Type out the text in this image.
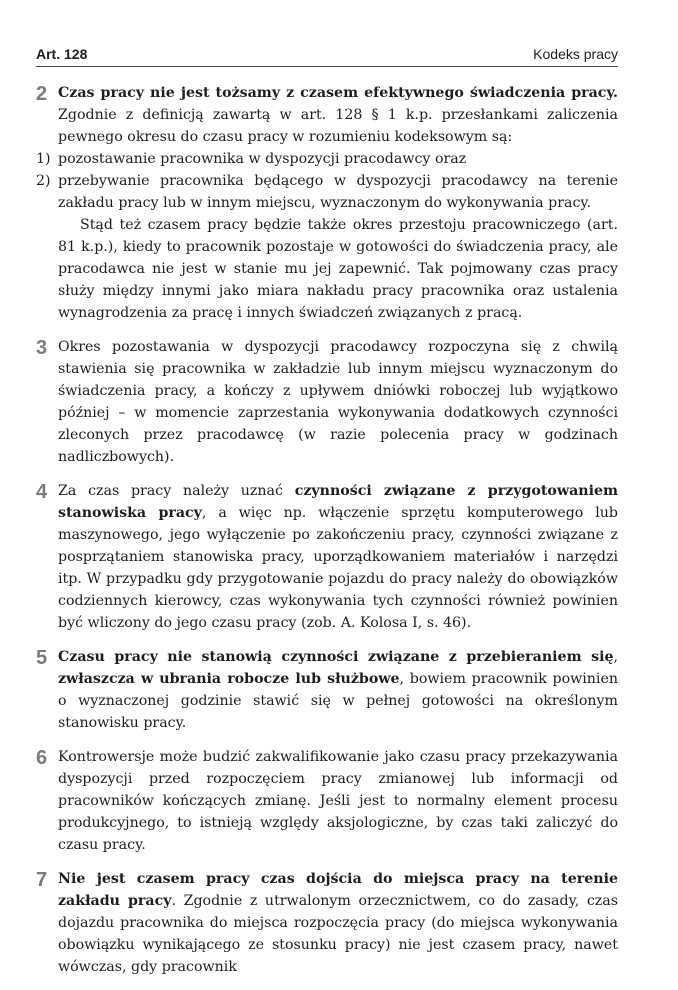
Art. 128	Kodeks pracy
2 Czas pracy nie jest tożsamy z czasem efektywnego świadczenia pracy. Zgodnie z definicją zawartą w art. 128 § 1 k.p. przesłankami zaliczenia pewnego okresu do czasu pracy w rozumieniu kodeksowym są:

1) pozostawanie pracownika w dyspozycji pracodawcy oraz
2) przebywanie pracownika będącego w dyspozycji pracodawcy na terenie zakładu pracy lub w innym miejscu, wyznaczonym do wykonywania pracy.

Stąd też czasem pracy będzie także okres przestoju pracowniczego (art. 81 k.p.), kiedy to pracownik pozostaje w gotowości do świadczenia pracy, ale pracodawca nie jest w stanie mu jej zapewnić. Tak pojmowany czas pracy służy między innymi jako miara nakładu pracy pracownika oraz ustalenia wynagrodzenia za pracę i innych świadczeń związanych z pracą.

3 Okres pozostawania w dyspozycji pracodawcy rozpoczyna się z chwilą stawienia się pracownika w zakładzie lub innym miejscu wyznaczonym do świadczenia pracy, a kończy z upływem dniówki roboczej lub wyjątkowo później – w momencie zaprzestania wykonywania dodatkowych czynności zleconych przez pracodawcę (w razie polecenia pracy w godzinach nadliczbowych).

4 Za czas pracy należy uznać czynności związane z przygotowaniem stanowiska pracy, a więc np. włączenie sprzętu komputerowego lub maszynowego, jego wyłączenie po zakończeniu pracy, czynności związane z posprzątaniem stanowiska pracy, uporządkowaniem materiałów i narzędzi itp. W przypadku gdy przygotowanie pojazdu do pracy należy do obowiązków codziennych kierowcy, czas wykonywania tych czynności również powinien być wliczony do jego czasu pracy (zob. A. Kolosa I, s. 46).

5 Czasu pracy nie stanowią czynności związane z przebieraniem się, zwłaszcza w ubrania robocze lub służbowe, bowiem pracownik powinien o wyznaczonej godzinie stawić się w pełnej gotowości na określonym stanowisku pracy.

6 Kontrowersje może budzić zakwalifikowanie jako czasu pracy przekazywania dyspozycji przed rozpoczęciem pracy zmianowej lub informacji od pracowników kończących zmianę. Jeśli jest to normalny element procesu produkcyjnego, to istnieją względy aksjologiczne, by czas taki zaliczyć do czasu pracy.

7 Nie jest czasem pracy czas dojścia do miejsca pracy na terenie zakładu pracy. Zgodnie z utrwalonym orzecznictwem, co do zasady, czas dojazdu pracownika do miejsca rozpoczęcia pracy (do miejsca wykonywania obowiązku wynikającego ze stosunku pracy) nie jest czasem pracy, nawet wówczas, gdy pracownik
